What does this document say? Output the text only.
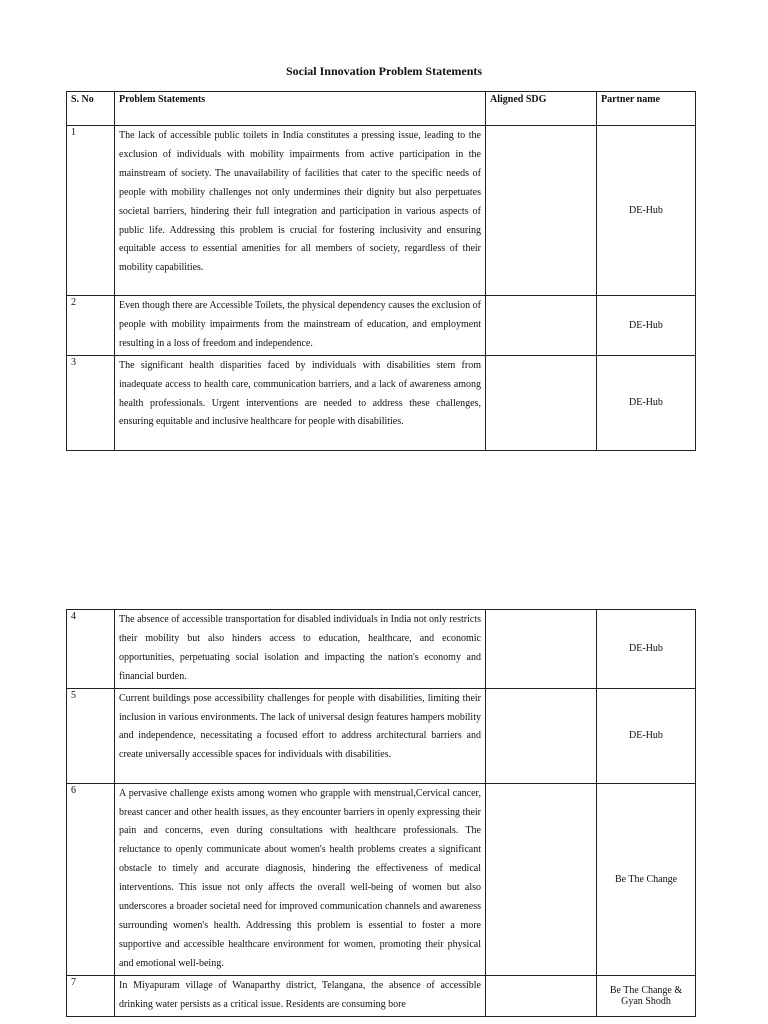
Social Innovation Problem Statements
S. No	Problem Statements	Aligned SDG	Partner name
1	The lack of accessible public toilets in India constitutes a pressing issue, leading to the exclusion of individuals with mobility impairments from active participation in the mainstream of society. The unavailability of facilities that cater to the specific needs of people with mobility challenges not only undermines their dignity but also perpetuates societal barriers, hindering their full integration and participation in various aspects of public life. Addressing this problem is crucial for fostering inclusivity and ensuring equitable access to essential amenities for all members of society, regardless of their mobility capabilities.		DE-Hub
2	Even though there are Accessible Toilets, the physical dependency causes the exclusion of people with mobility impairments from the mainstream of education, and employment resulting in a loss of freedom and independence.		DE-Hub
3	The significant health disparities faced by individuals with disabilities stem from inadequate access to health care, communication barriers, and a lack of awareness among health professionals. Urgent interventions are needed to address these challenges, ensuring equitable and inclusive healthcare for people with disabilities.		DE-Hub
4	The absence of accessible transportation for disabled individuals in India not only restricts their mobility but also hinders access to education, healthcare, and economic opportunities, perpetuating social isolation and impacting the nation's economy and financial burden.		DE-Hub
5	Current buildings pose accessibility challenges for people with disabilities, limiting their inclusion in various environments. The lack of universal design features hampers mobility and independence, necessitating a focused effort to address architectural barriers and create universally accessible spaces for individuals with disabilities.		DE-Hub
6	A pervasive challenge exists among women who grapple with menstrual,Cervical cancer, breast cancer and other health issues, as they encounter barriers in openly expressing their pain and concerns, even during consultations with healthcare professionals. The reluctance to openly communicate about women's health problems creates a significant obstacle to timely and accurate diagnosis, hindering the effectiveness of medical interventions. This issue not only affects the overall well-being of women but also underscores a broader societal need for improved communication channels and awareness surrounding women's health. Addressing this problem is essential to foster a more supportive and accessible healthcare environment for women, promoting their physical and emotional well-being.		Be The Change
7	In Miyapuram village of Wanaparthy district, Telangana, the absence of accessible drinking water persists as a critical issue. Residents are consuming bore		Be The Change & Gyan Shodh
